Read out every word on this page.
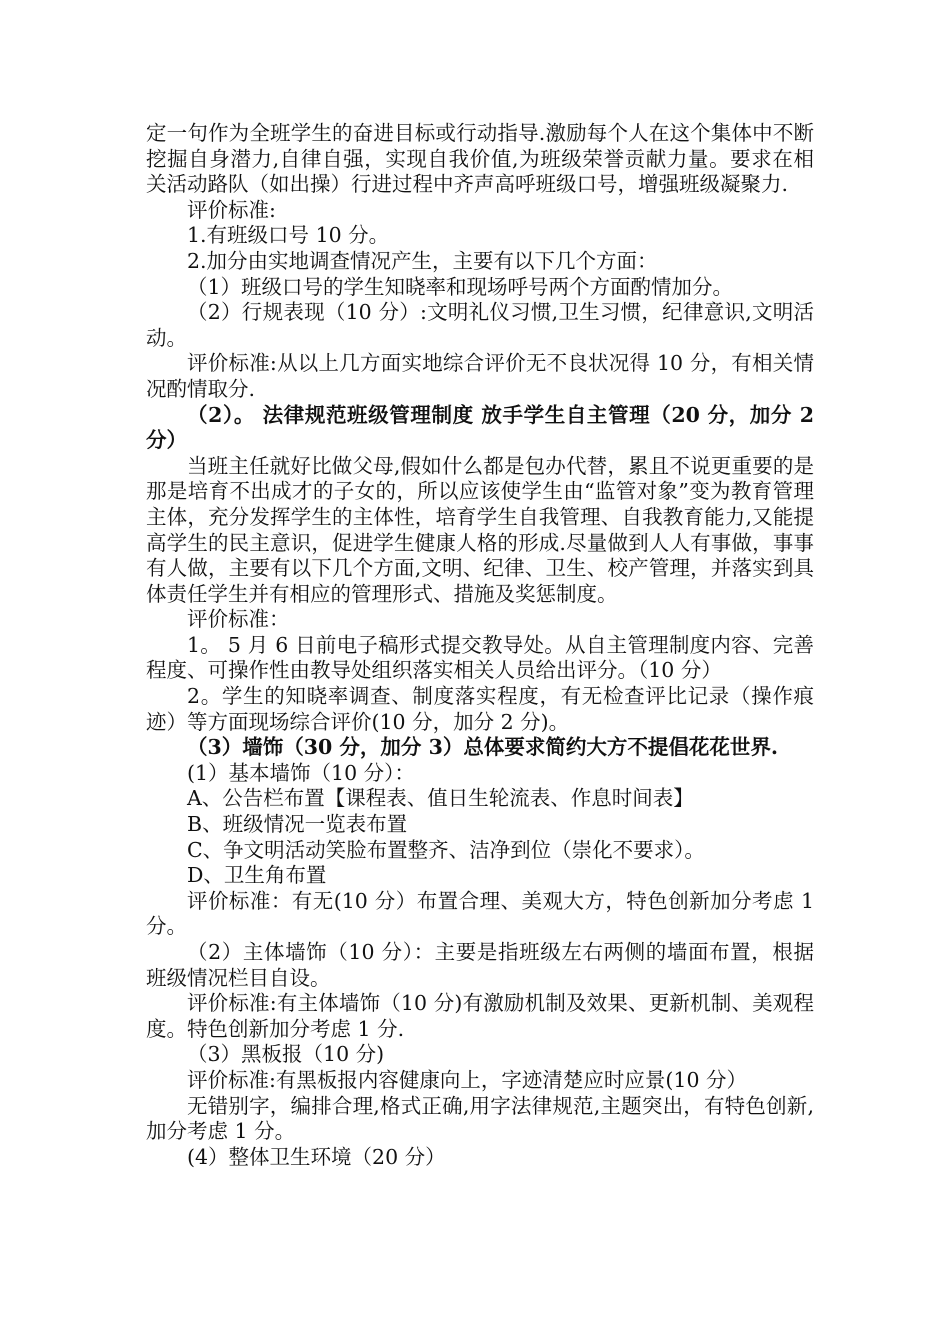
定一句作为全班学生的奋进目标或行动指导.激励每个人在这个集体中不断挖掘自身潜力,自律自强，实现自我价值,为班级荣誉贡献力量。要求在相关活动路队（如出操）行进过程中齐声高呼班级口号，增强班级凝聚力.

评价标准:

1.有班级口号 10 分。

2.加分由实地调查情况产生，主要有以下几个方面：

（1）班级口号的学生知晓率和现场呼号两个方面酌情加分。

（2）行规表现（10 分）:文明礼仪习惯,卫生习惯，纪律意识,文明活动。

评价标准:从以上几方面实地综合评价无不良状况得 10 分，有相关情况酌情取分.

（2）。 法律规范班级管理制度 放手学生自主管理（20 分，加分 2 分）

当班主任就好比做父母,假如什么都是包办代替，累且不说更重要的是那是培育不出成才的子女的，所以应该使学生由“监管对象”变为教育管理主体，充分发挥学生的主体性，培育学生自我管理、自我教育能力,又能提高学生的民主意识，促进学生健康人格的形成.尽量做到人人有事做，事事有人做，主要有以下几个方面,文明、纪律、卫生、校产管理，并落实到具体责任学生并有相应的管理形式、措施及奖惩制度。

评价标准：

1。 5 月 6 日前电子稿形式提交教导处。从自主管理制度内容、完善程度、可操作性由教导处组织落实相关人员给出评分。（10 分）

2。学生的知晓率调查、制度落实程度，有无检查评比记录（操作痕迹）等方面现场综合评价(10 分，加分 2 分)。

（3）墙饰（30 分，加分 3）总体要求简约大方不提倡花花世界.

(1）基本墙饰（10 分）：

A、公告栏布置【课程表、值日生轮流表、作息时间表】

B、班级情况一览表布置

C、争文明活动笑脸布置整齐、洁净到位（崇化不要求）。

D、卫生角布置

评价标准：有无(10 分）布置合理、美观大方，特色创新加分考虑 1 分。

（2）主体墙饰（10 分）：主要是指班级左右两侧的墙面布置，根据班级情况栏目自设。

评价标准:有主体墙饰（10 分)有激励机制及效果、更新机制、美观程度。特色创新加分考虑 1 分.

（3）黑板报（10 分)

评价标准:有黑板报内容健康向上，字迹清楚应时应景(10 分）

无错别字，编排合理,格式正确,用字法律规范,主题突出，有特色创新,加分考虑 1 分。

(4）整体卫生环境（20 分）
